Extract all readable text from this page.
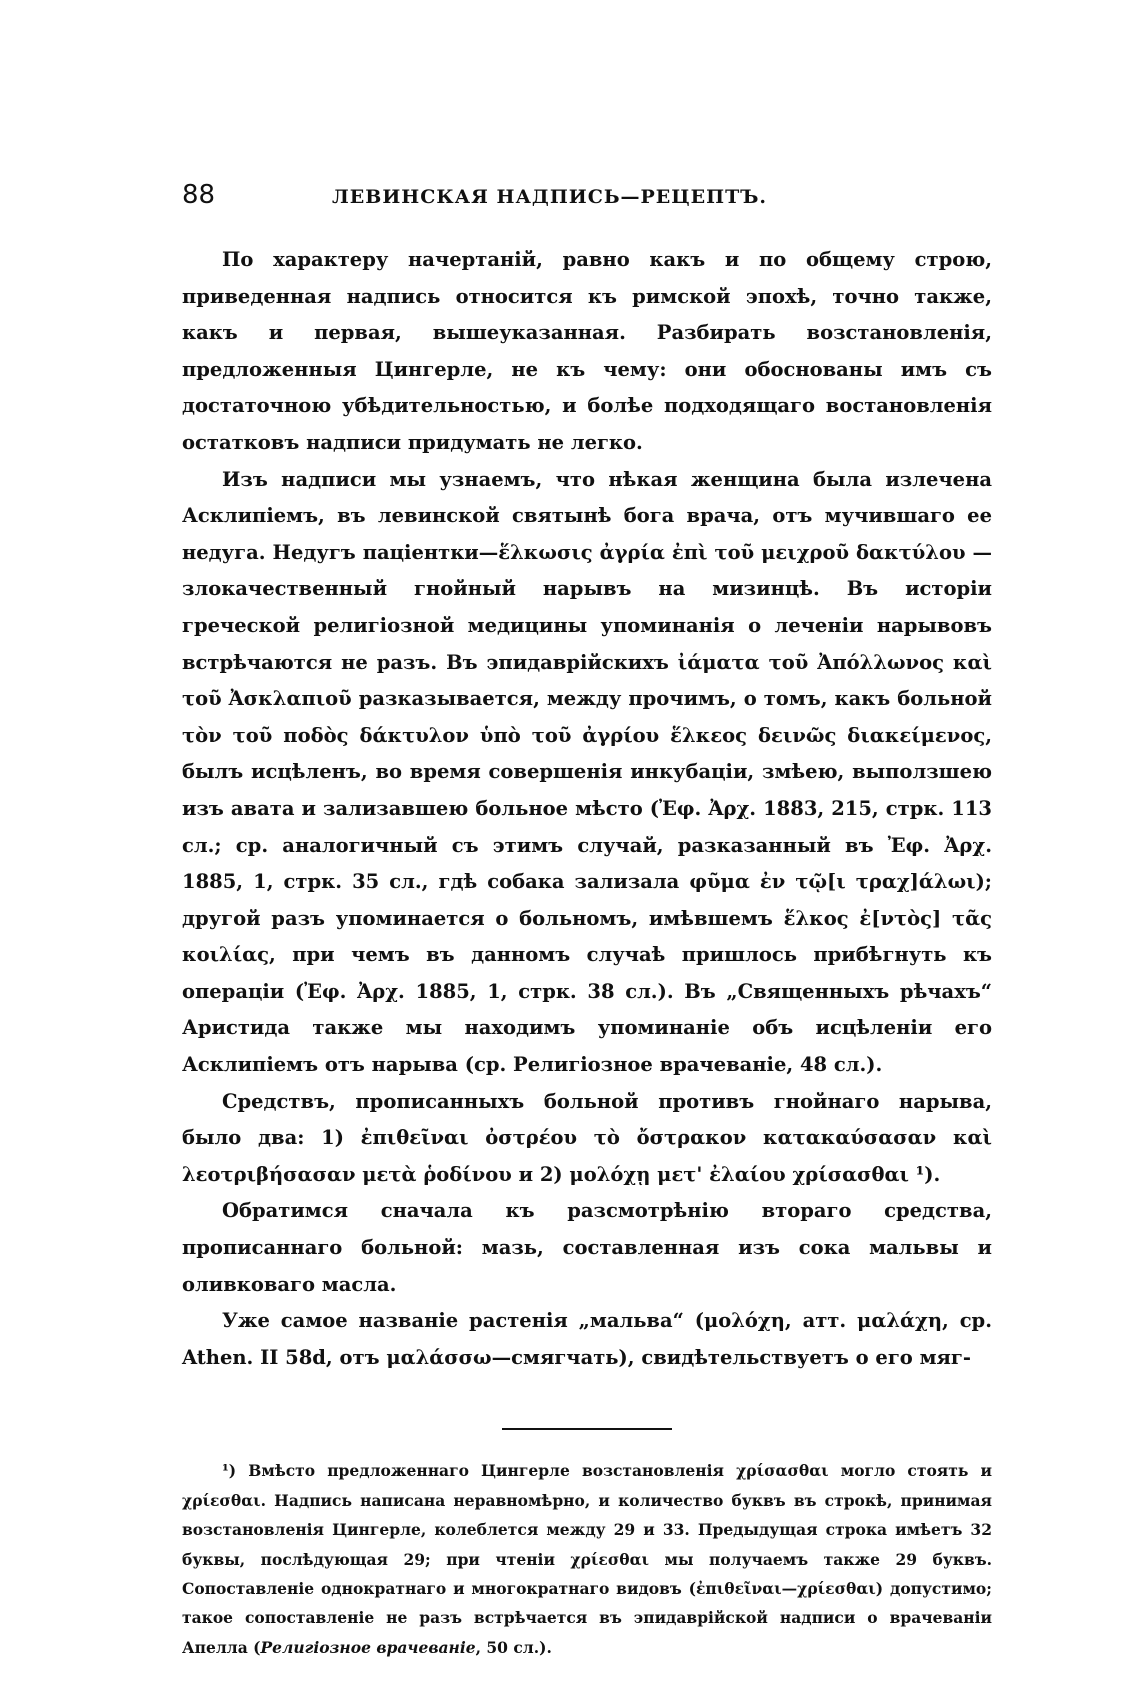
88	ЛЕВИНСКАЯ НАДПИСЬ—РЕЦЕПТЪ.

По характеру начертаній, равно какъ и по общему строю, приведенная надпись относится къ римской эпохѣ, точно также, какъ и первая, вышеуказанная. Разбирать возстановленія, предложенныя Цингерле, не къ чему: они обоснованы имъ съ достаточною убѣдительностью, и болѣе подходящаго востановленія остатковъ надписи придумать не легко.

Изъ надписи мы узнаемъ, что нѣкая женщина была излечена Асклипіемъ, въ левинской святынѣ бога врача, отъ мучившаго ее недуга. Недугъ паціентки—ἕλκωσις ἀγρία ἐπὶ τοῦ μειχροῦ δακτύλου — злокачественный гнойный нарывъ на мизинцѣ. Въ исторіи греческой религіозной медицины упоминанія о леченіи нарывовъ встрѣчаются не разъ. Въ эпидаврійскихъ ἰάματα τοῦ Ἀπόλλωνος καὶ τοῦ Ἀσκλαπιοῦ разказывается, между прочимъ, о томъ, какъ больной τὸν τοῦ ποδὸς δάκτυλον ὑπὸ τοῦ ἀγρίου ἕλκεος δεινῶς διακείμενος, былъ исцѣленъ, во время совершенія инкубаціи, змѣею, выползшею изъ авата и зализавшею больное мѣсто (Ἐφ. Ἀρχ. 1883, 215, стрк. 113 сл.; ср. аналогичный съ этимъ случай, разказанный въ Ἐφ. Ἀρχ. 1885, 1, стрк. 35 сл., гдѣ собака зализала φῦμα ἐν τῷ[ι τραχ]άλωι); другой разъ упоминается о больномъ, имѣвшемъ ἕλκος ἐ[ντὸς] τᾶς κοιλίας, при чемъ въ данномъ случаѣ пришлось прибѣгнуть къ операціи (Ἐφ. Ἀρχ. 1885, 1, стрк. 38 сл.). Въ „Священныхъ рѣчахъ“ Аристида также мы находимъ упоминаніе объ исцѣленіи его Асклипіемъ отъ нарыва (ср. Религіозное врачеваніе, 48 сл.).

Средствъ, прописанныхъ больной противъ гнойнаго нарыва, было два: 1) ἐπιθεῖναι ὀστρέου τὸ ὄστρακον κατακαύσασαν καὶ λεοτριβήσασαν μετὰ ῥοδίνου и 2) μολόχῃ μετ' ἐλαίου χρίσασθαι ¹).

Обратимся сначала къ разсмотрѣнію втораго средства, прописаннаго больной: мазь, составленная изъ сока мальвы и оливковаго масла.

Уже самое названіе растенія „мальва“ (μολόχη, атт. μαλάχη, ср. Athen. II 58d, отъ μαλάσσω—смягчать), свидѣтельствуетъ о его мяг-

¹) Вмѣсто предложеннаго Цингерле возстановленія χρίσασθαι могло стоять и χρίεσθαι. Надпись написана неравномѣрно, и количество буквъ въ строкѣ, принимая возстановленія Цингерле, колеблется между 29 и 33. Предыдущая строка имѣетъ 32 буквы, послѣдующая 29; при чтеніи χρίεσθαι мы получаемъ также 29 буквъ. Сопоставленіе однократнаго и многократнаго видовъ (ἐπιθεῖναι—χρίεσθαι) допустимо; такое сопоставленіе не разъ встрѣчается въ эпидаврійской надписи о врачеваніи Апелла (Религіозное врачеваніе, 50 сл.).
